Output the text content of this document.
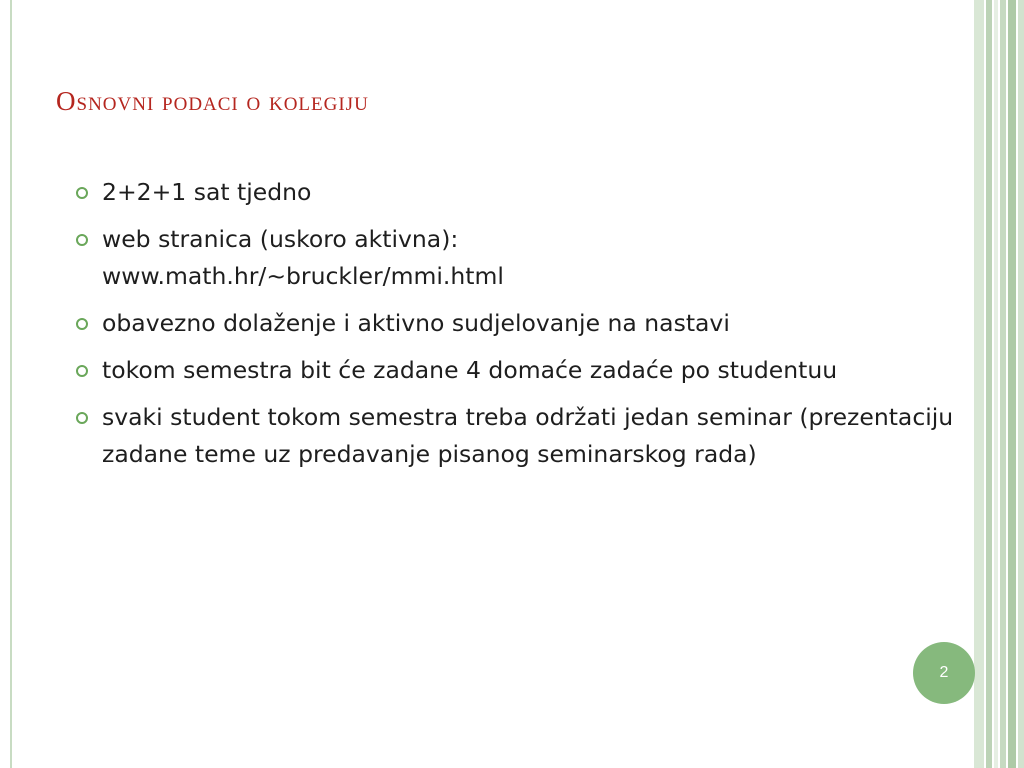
Osnovni podaci o kolegiju
2+2+1 sat tjedno
web stranica (uskoro aktivna): www.math.hr/~bruckler/mmi.html
obavezno dolaženje i aktivno sudjelovanje na nastavi
tokom semestra bit će zadane 4 domaće zadaće po studentuu
svaki student tokom semestra treba održati jedan seminar (prezentaciju zadane teme uz predavanje pisanog seminarskog rada)
2
